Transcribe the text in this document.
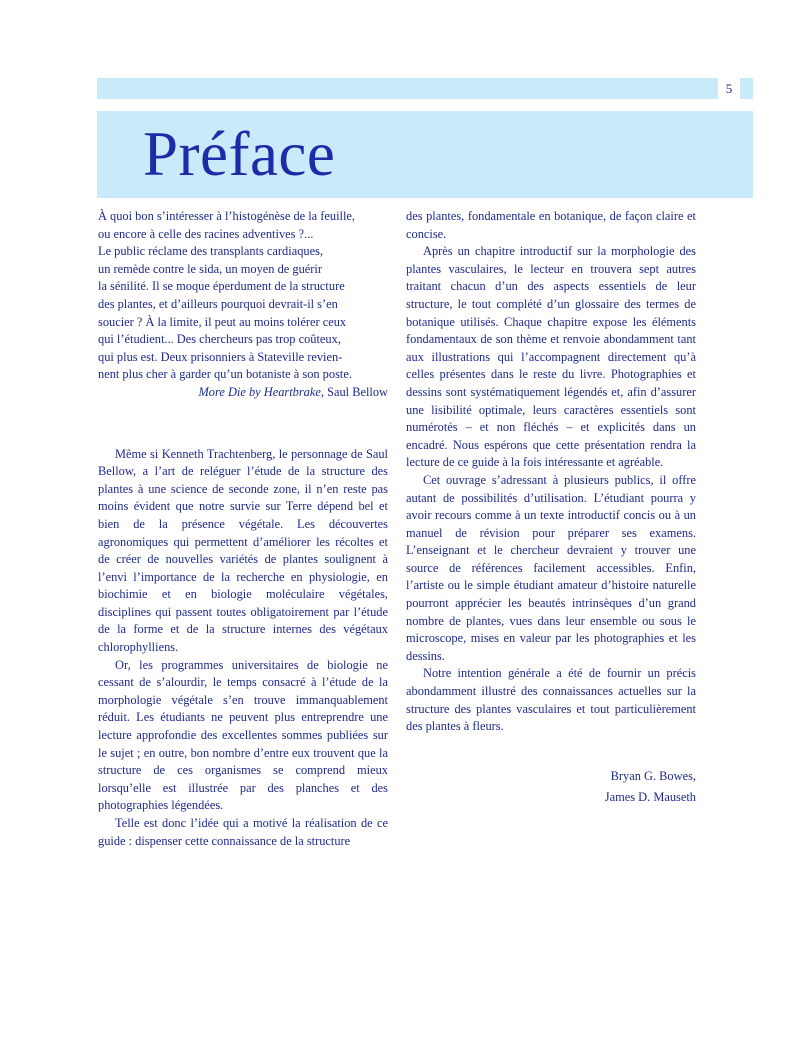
5
Préface

À quoi bon s’intéresser à l’histogénèse de la feuille,

ou encore à celle des racines adventives ?...

Le public réclame des transplants cardiaques,

un remède contre le sida, un moyen de guérir

la sénilité. Il se moque éperdument de la structure

des plantes, et d’ailleurs pourquoi devrait-il s’en

soucier ? À la limite, il peut au moins tolérer ceux

qui l’étudient... Des chercheurs pas trop coûteux,

qui plus est. Deux prisonniers à Stateville revien-

nent plus cher à garder qu’un botaniste à son poste.

More Die by Heartbrake, Saul Bellow

Même si Kenneth Trachtenberg, le personnage de Saul Bellow, a l’art de reléguer l’étude de la structure des plantes à une science de seconde zone, il n’en reste pas moins évident que notre survie sur Terre dépend bel et bien de la présence végétale. Les découvertes agronomiques qui permettent d’améliorer les récoltes et de créer de nouvelles variétés de plantes soulignent à l’envi l’importance de la recherche en physiologie, en biochimie et en biologie moléculaire végétales, disciplines qui passent toutes obligatoirement par l’étude de la forme et de la structure internes des végétaux chlorophylliens.

Or, les programmes universitaires de biologie ne cessant de s’alourdir, le temps consacré à l’étude de la morphologie végétale s’en trouve immanquablement réduit. Les étudiants ne peuvent plus entreprendre une lecture approfondie des excellentes sommes publiées sur le sujet ; en outre, bon nombre d’entre eux trouvent que la structure de ces organismes se comprend mieux lorsqu’elle est illustrée par des planches et des photographies légendées.

Telle est donc l’idée qui a motivé la réalisation de ce guide : dispenser cette connaissance de la structure

des plantes, fondamentale en botanique, de façon claire et concise.

Après un chapitre introductif sur la morphologie des plantes vasculaires, le lecteur en trouvera sept autres traitant chacun d’un des aspects essentiels de leur structure, le tout complété d’un glossaire des termes de botanique utilisés. Chaque chapitre expose les éléments fondamentaux de son thème et renvoie abondamment tant aux illustrations qui l’accompagnent directement qu’à celles présentes dans le reste du livre. Photographies et dessins sont systématiquement légendés et, afin d’assurer une lisibilité optimale, leurs caractères essentiels sont numérotés – et non fléchés – et explicités dans un encadré. Nous espérons que cette présentation rendra la lecture de ce guide à la fois intéressante et agréable.

Cet ouvrage s’adressant à plusieurs publics, il offre autant de possibilités d’utilisation. L’étudiant pourra y avoir recours comme à un texte introductif concis ou à un manuel de révision pour préparer ses examens. L’enseignant et le chercheur devraient y trouver une source de références facilement accessibles. Enfin, l’artiste ou le simple étudiant amateur d’histoire naturelle pourront apprécier les beautés intrinsèques d’un grand nombre de plantes, vues dans leur ensemble ou sous le microscope, mises en valeur par les photographies et les dessins.

Notre intention générale a été de fournir un précis abondamment illustré des connaissances actuelles sur la structure des plantes vasculaires et tout particulièrement des plantes à fleurs.

Bryan G. Bowes,

James D. Mauseth
